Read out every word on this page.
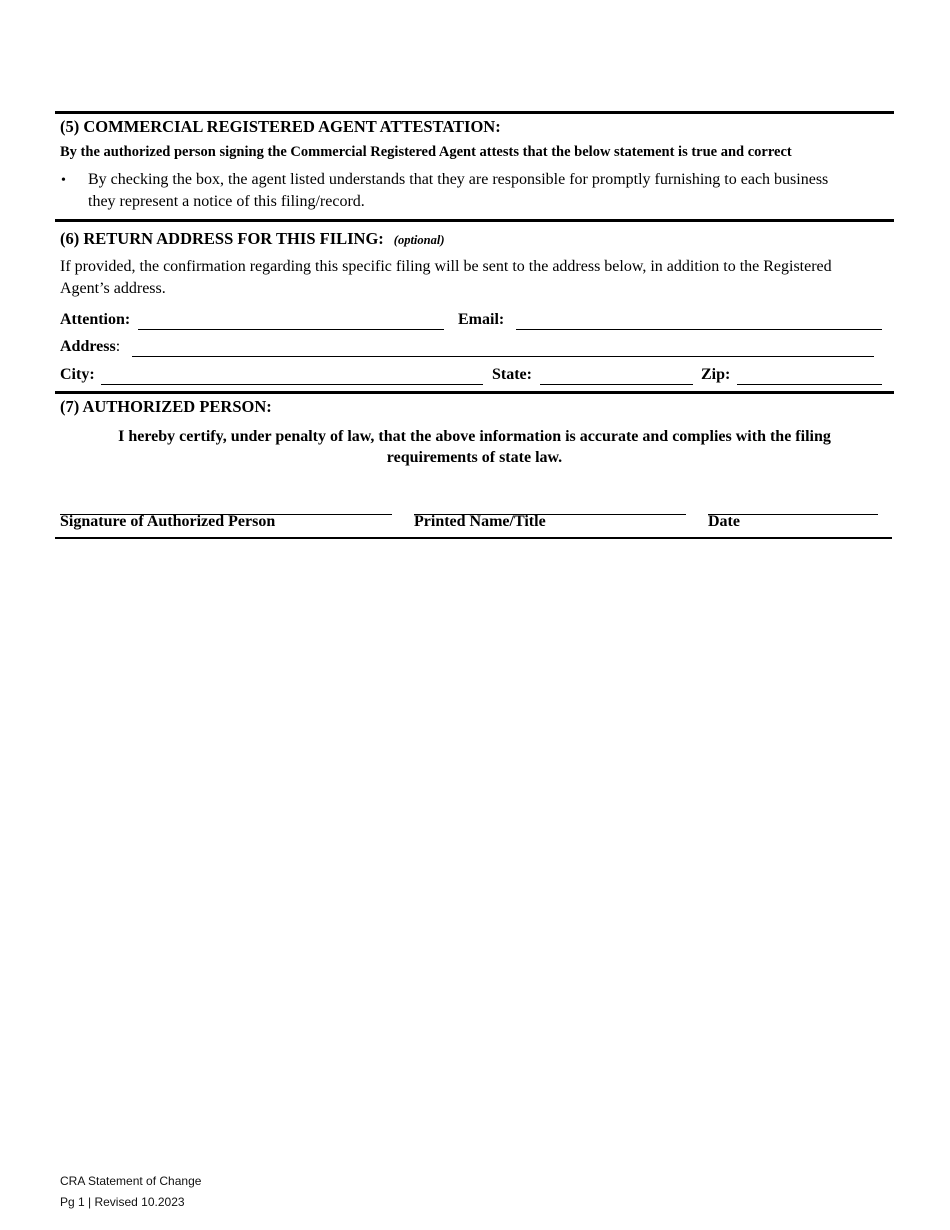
(5) COMMERCIAL REGISTERED AGENT ATTESTATION:
By the authorized person signing the Commercial Registered Agent attests that the below statement is true and correct
• By checking the box, the agent listed understands that they are responsible for promptly furnishing to each business
they represent a notice of this filing/record.
(6) RETURN ADDRESS FOR THIS FILING: (optional)
If provided, the confirmation regarding this specific filing will be sent to the address below, in addition to the Registered
Agent’s address.
Attention:	Email:
Address:
City:	State:	Zip:
(7) AUTHORIZED PERSON:
I hereby certify, under penalty of law, that the above information is accurate and complies with the filing
requirements of state law.
Signature of Authorized Person	Printed Name/Title	Date
CRA Statement of Change
Pg 1 | Revised 10.2023
